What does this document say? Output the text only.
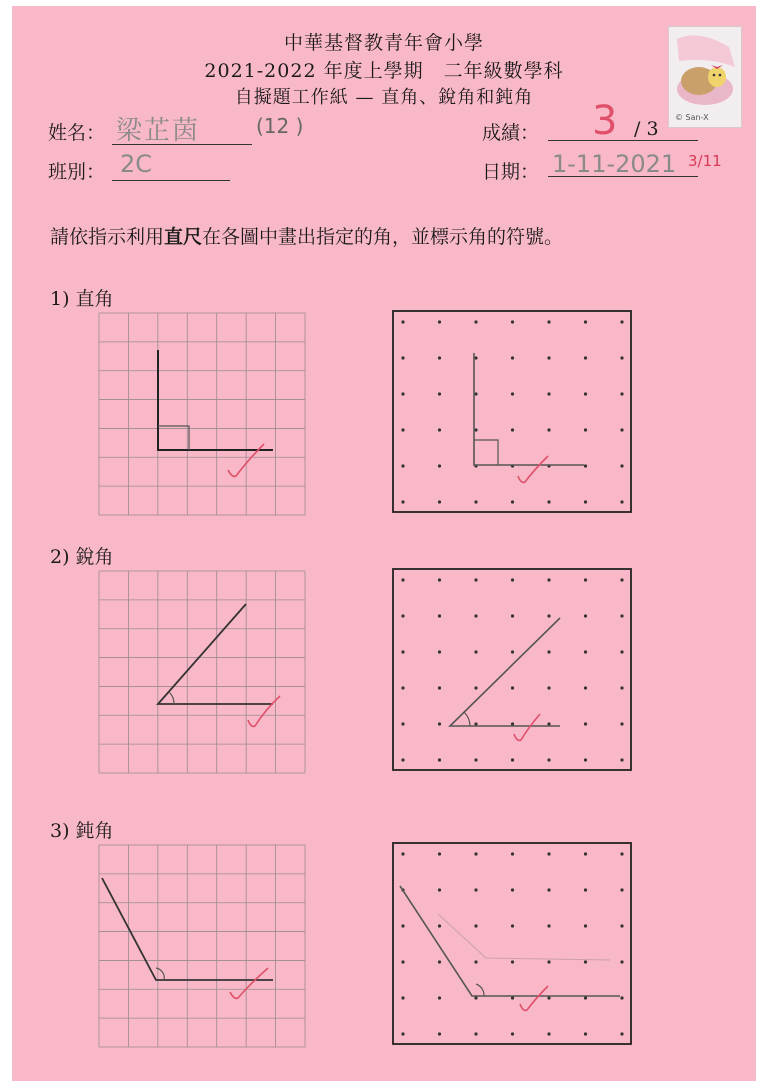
中華基督教青年會小學
2021-2022 年度上學期　二年級數學科
自擬題工作紙 — 直角、銳角和鈍角
© San-X
姓名： 梁芷茵	(12 )
班別： 2C
成績： 3 / 3
日期： 1-11-2021 3/11
請依指示利用直尺在各圖中畫出指定的角，並標示角的符號。
1) 直角
2) 銳角
3) 鈍角
